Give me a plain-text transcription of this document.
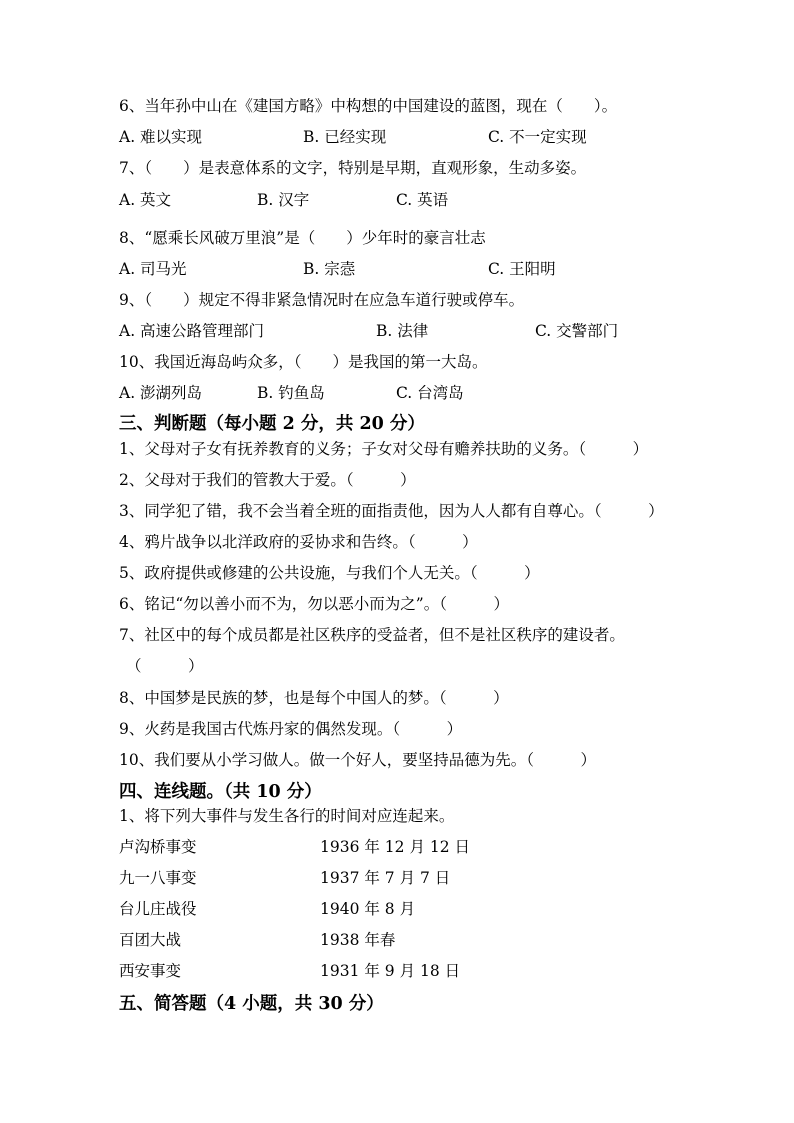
6、当年孙中山在《建国方略》中构想的中国建设的蓝图，现在（　　）。
A. 难以实现	B. 已经实现	C. 不一定实现
7、（　　）是表意体系的文字，特别是早期，直观形象，生动多姿。
A. 英文	B. 汉字	C. 英语
8、“愿乘长风破万里浪”是（　　）少年时的豪言壮志
A. 司马光	B. 宗悫	C. 王阳明
9、（　　）规定不得非紧急情况时在应急车道行驶或停车。
A. 高速公路管理部门	B. 法律	C. 交警部门
10、我国近海岛屿众多，（　　）是我国的第一大岛。
A. 澎湖列岛	B. 钓鱼岛	C. 台湾岛
三、判断题（每小题 2 分，共 20 分）
1、父母对子女有抚养教育的义务；子女对父母有赡养扶助的义务。（　　　）
2、父母对于我们的管教大于爱。（　　　）
3、同学犯了错，我不会当着全班的面指责他，因为人人都有自尊心。（　　　）
4、鸦片战争以北洋政府的妥协求和告终。（　　　）
5、政府提供或修建的公共设施，与我们个人无关。（　　　）
6、铭记“勿以善小而不为，勿以恶小而为之”。（　　　）
7、社区中的每个成员都是社区秩序的受益者，但不是社区秩序的建设者。
（　　　）
8、中国梦是民族的梦，也是每个中国人的梦。（　　　）
9、火药是我国古代炼丹家的偶然发现。（　　　）
10、我们要从小学习做人。做一个好人，要坚持品德为先。（　　　）
四、连线题。（共 10 分）
1、将下列大事件与发生各行的时间对应连起来。
卢沟桥事变	1936 年 12 月 12 日
九一八事变	1937 年 7 月 7 日
台儿庄战役	1940 年 8 月
百团大战	1938 年春
西安事变	1931 年 9 月 18 日
五、简答题（4 小题，共 30 分）
